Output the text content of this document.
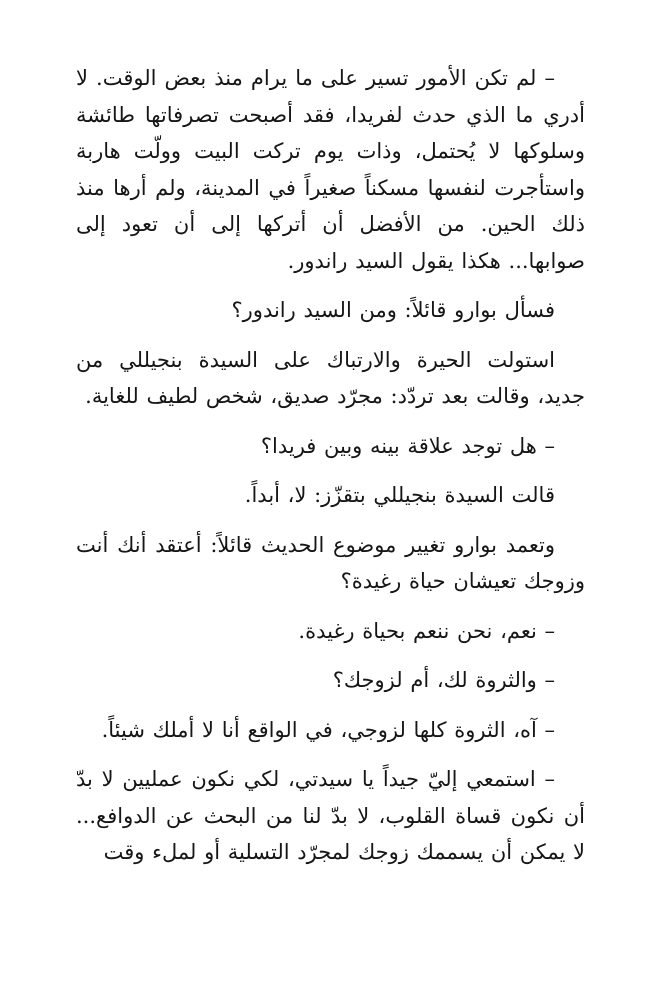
– لم تكن الأمور تسير على ما يرام منذ بعض الوقت. لا أدري ما الذي حدث لفريدا، فقد أصبحت تصرفاتها طائشة وسلوكها لا يُحتمل، وذات يوم تركت البيت وولّت هاربة واستأجرت لنفسها مسكناً صغيراً في المدينة، ولم أرها منذ ذلك الحين. من الأفضل أن أتركها إلى أن تعود إلى صوابها... هكذا يقول السيد راندور.

فسأل بوارو قائلاً: ومن السيد راندور؟

استولت الحيرة والارتباك على السيدة بنجيللي من جديد، وقالت بعد تردّد: مجرّد صديق، شخص لطيف للغاية.

– هل توجد علاقة بينه وبين فريدا؟

قالت السيدة بنجيللي بتقزّز: لا، أبداً.

وتعمد بوارو تغيير موضوع الحديث قائلاً: أعتقد أنك أنت وزوجك تعيشان حياة رغيدة؟

– نعم، نحن ننعم بحياة رغيدة.

– والثروة لك، أم لزوجك؟

– آه، الثروة كلها لزوجي، في الواقع أنا لا أملك شيئاً.

– استمعي إليّ جيداً يا سيدتي، لكي نكون عمليين لا بدّ أن نكون قساة القلوب، لا بدّ لنا من البحث عن الدوافع... لا يمكن أن يسممك زوجك لمجرّد التسلية أو لملء وقت
